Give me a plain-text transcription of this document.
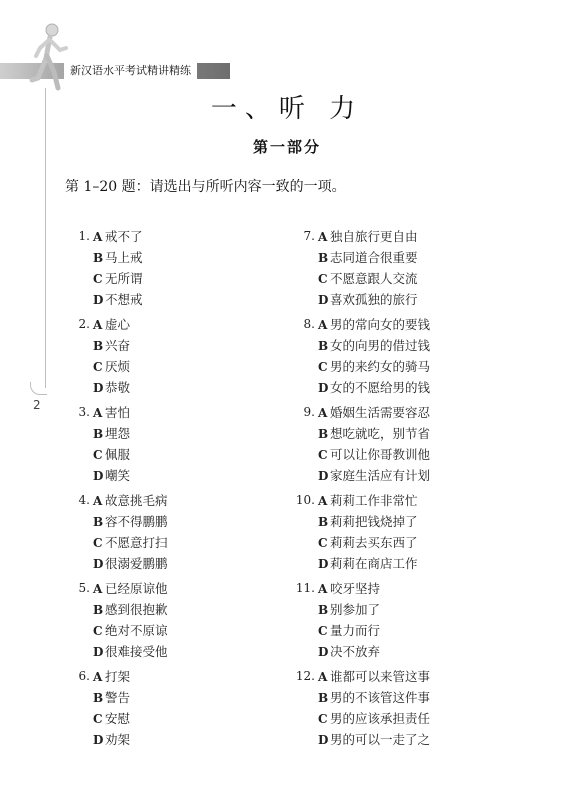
新汉语水平考试精讲精练
2
一、听 力
第一部分
第 1–20 题：请选出与所听内容一致的一项。
1. A 戒不了
B 马上戒
C 无所谓
D 不想戒
2. A 虚心
B 兴奋
C 厌烦
D 恭敬
3. A 害怕
B 埋怨
C 佩服
D 嘲笑
4. A 故意挑毛病
B 容不得鹏鹏
C 不愿意打扫
D 很溺爱鹏鹏
5. A 已经原谅他
B 感到很抱歉
C 绝对不原谅
D 很难接受他
6. A 打架
B 警告
C 安慰
D 劝架
7. A 独自旅行更自由
B 志同道合很重要
C 不愿意跟人交流
D 喜欢孤独的旅行
8. A 男的常向女的要钱
B 女的向男的借过钱
C 男的来约女的骑马
D 女的不愿给男的钱
9. A 婚姻生活需要容忍
B 想吃就吃，别节省
C 可以让你哥教训他
D 家庭生活应有计划
10. A 莉莉工作非常忙
B 莉莉把钱烧掉了
C 莉莉去买东西了
D 莉莉在商店工作
11. A 咬牙坚持
B 别参加了
C 量力而行
D 决不放弃
12. A 谁都可以来管这事
B 男的不该管这件事
C 男的应该承担责任
D 男的可以一走了之
